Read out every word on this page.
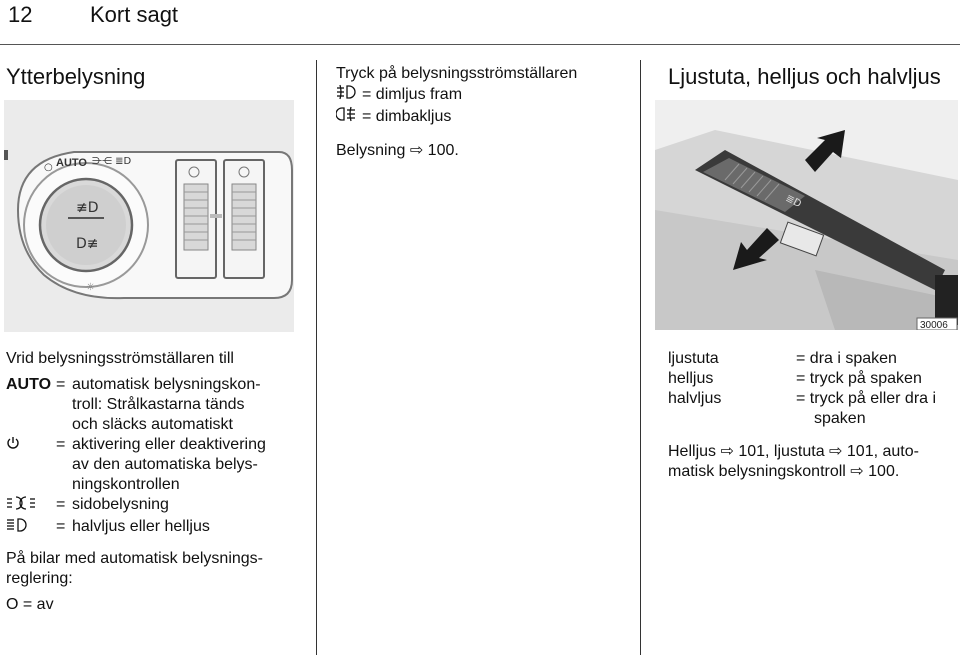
12	Kort sagt
Ytterbelysning
≢D
D≢
○ AUTO ⋺⋲ ≣D
☼
Vrid belysningsströmställaren till
AUTO	=	automatisk belysningskon-
troll: Strålkastarna tänds
och släcks automatiskt

	=	aktivering eller deaktivering
av den automatiska belys-
ningskontrollen

	=	sidobelysning

	=	halvljus eller helljus
På bilar med automatisk belysnings-
reglering:
O = av
Tryck på belysningsströmställaren
= dimljus fram
= dimbakljus
Belysning ⇨ 100.
Ljustuta, helljus och halvljus
≣D
30006
ljustuta	= dra i spaken
helljus	= tryck på spaken
halvljus	= tryck på eller dra i
spaken
Helljus ⇨ 101, ljustuta ⇨ 101, auto-
matisk belysningskontroll ⇨ 100.
